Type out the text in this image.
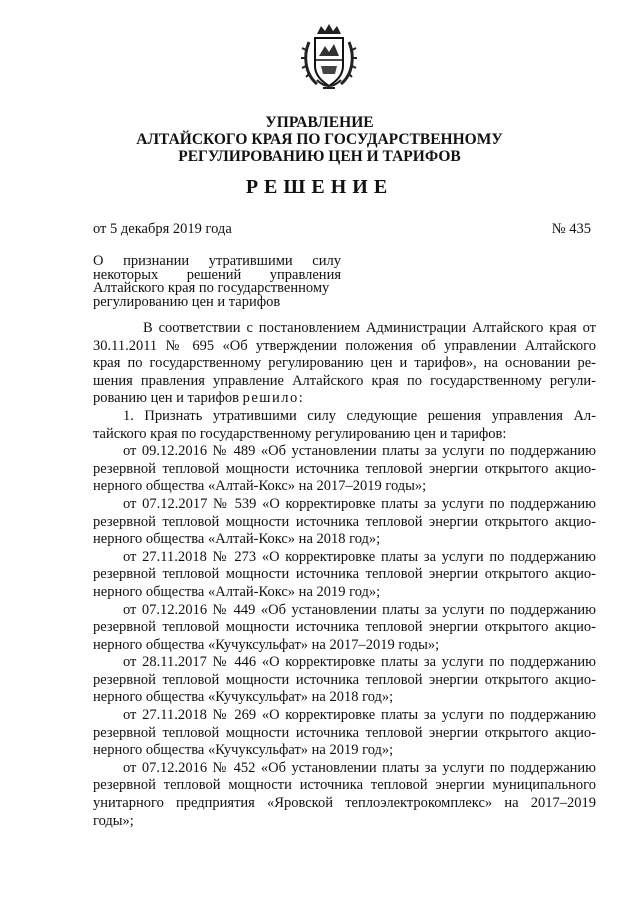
УПРАВЛЕНИЕ
АЛТАЙСКОГО КРАЯ ПО ГОСУДАРСТВЕННОМУ
РЕГУЛИРОВАНИЮ ЦЕН И ТАРИФОВ
РЕШЕНИЕ
от 5 декабря 2019 года	№ 435
О признании утратившими силу
некоторых решений управления
Алтайского края по государственному
регулированию цен и тарифов
В соответствии с постановлением Администрации Алтайского края от
30.11.2011 № 695 «Об утверждении положения об управлении Алтайского
края по государственному регулированию цен и тарифов», на основании ре-
шения правления управление Алтайского края по государственному регули-
рованию цен и тарифов решило:
1. Признать утратившими силу следующие решения управления Ал-
тайского края по государственному регулированию цен и тарифов:
от 09.12.2016 № 489 «Об установлении платы за услуги по поддержанию
резервной тепловой мощности источника тепловой энергии открытого акцио-
нерного общества «Алтай-Кокс» на 2017–2019 годы»;
от 07.12.2017 № 539 «О корректировке платы за услуги по поддержанию
резервной тепловой мощности источника тепловой энергии открытого акцио-
нерного общества «Алтай-Кокс» на 2018 год»;
от 27.11.2018 № 273 «О корректировке платы за услуги по поддержанию
резервной тепловой мощности источника тепловой энергии открытого акцио-
нерного общества «Алтай-Кокс» на 2019 год»;
от 07.12.2016 № 449 «Об установлении платы за услуги по поддержанию
резервной тепловой мощности источника тепловой энергии открытого акцио-
нерного общества «Кучуксульфат» на 2017–2019 годы»;
от 28.11.2017 № 446 «О корректировке платы за услуги по поддержанию
резервной тепловой мощности источника тепловой энергии открытого акцио-
нерного общества «Кучуксульфат» на 2018 год»;
от 27.11.2018 № 269 «О корректировке платы за услуги по поддержанию
резервной тепловой мощности источника тепловой энергии открытого акцио-
нерного общества «Кучуксульфат» на 2019 год»;
от 07.12.2016 № 452 «Об установлении платы за услуги по поддержанию
резервной тепловой мощности источника тепловой энергии муниципального
унитарного предприятия «Яровской теплоэлектрокомплекс» на 2017–2019
годы»;
